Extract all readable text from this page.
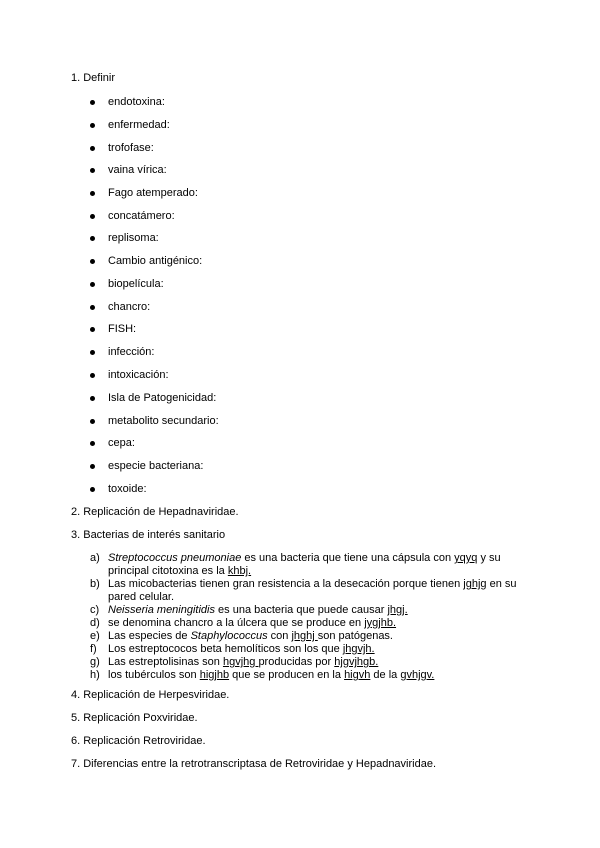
1. Definir
endotoxina:
enfermedad:
trofofase:
vaina vírica:
Fago atemperado:
concatámero:
replisoma:
Cambio antigénico:
biopelícula:
chancro:
FISH:
infección:
intoxicación:
Isla de Patogenicidad:
metabolito secundario:
cepa:
especie bacteriana:
toxoide:
2. Replicación de Hepadnaviridae.
3. Bacterias de interés sanitario
a) Streptococcus pneumoniae es una bacteria que tiene una cápsula con yqyq y su
principal citotoxina es la khbj.
b) Las micobacterias tienen gran resistencia a la desecación porque tienen jghjg en su
pared celular.
c) Neisseria meningitidis es una bacteria que puede causar jhgj.
d) se denomina chancro a la úlcera que se produce en jygjhb.
e) Las especies de Staphylococcus con jhghj son patógenas.
f) Los estreptococos beta hemolíticos son los que jhgvjh.
g) Las estreptolisinas son hgvjhg producidas por hjgvjhgb.
h) los tubérculos son higjhb que se producen en la higvh de la gvhjgv.
4. Replicación de Herpesviridae.
5. Replicación Poxviridae.
6. Replicación Retroviridae.
7. Diferencias entre la retrotranscriptasa de Retroviridae y Hepadnaviridae.
